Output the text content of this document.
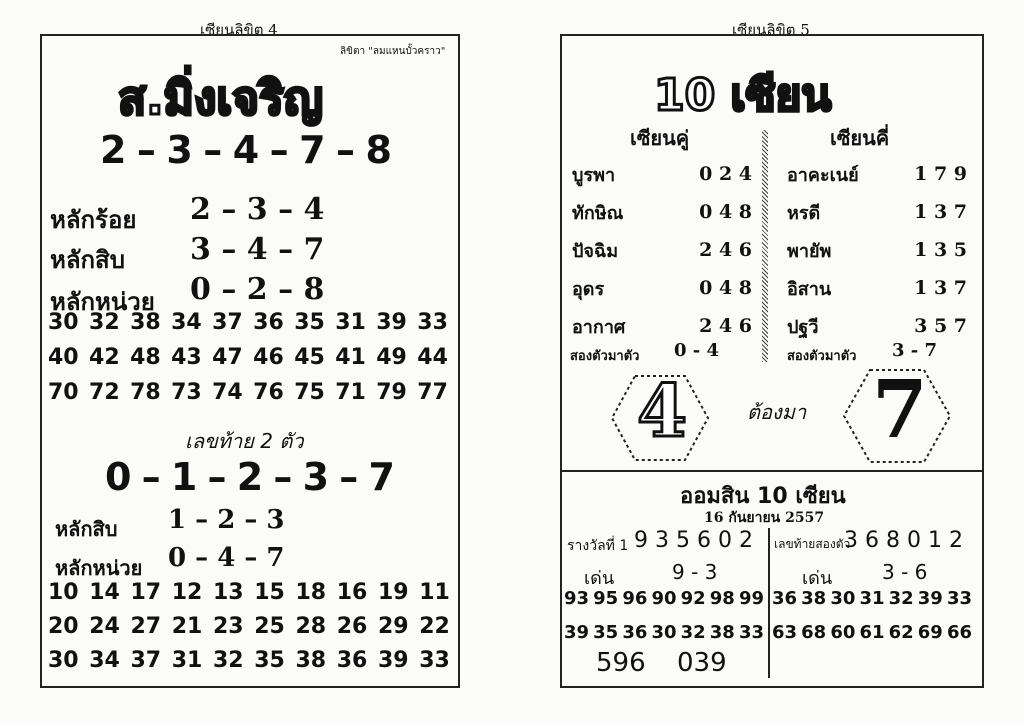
เซียนลิขิต 4
ลิขิตา "ลมแหนบั้วคราว"
ส.มิ่งเจริญ
2 – 3 – 4 – 7 – 8
หลักร้อย 2 – 3 – 4
หลักสิบ 3 – 4 – 7
หลักหน่วย 0 – 2 – 8
30 32 38 34 37 36 35 31 39 33
40 42 48 43 47 46 45 41 49 44
70 72 78 73 74 76 75 71 79 77
เลขท้าย 2 ตัว
0 – 1 – 2 – 3 – 7
หลักสิบ 1 – 2 – 3
หลักหน่วย 0 – 4 – 7
10 14 17 12 13 15 18 16 19 11
20 24 27 21 23 25 28 26 29 22
30 34 37 31 32 35 38 36 39 33
เซียนลิขิต 5
10 เซียน
เซียนคู่	เซียนคี่
บูรพา	0 2 4
ทักษิณ	0 4 8
ปัจฉิม	2 4 6
อุดร	0 4 8
อากาศ	2 4 6
อาคะเนย์	1 7 9
หรดี	1 3 7
พายัพ	1 3 5
อิสาน	1 3 7
ปฐวี	3 5 7
สองตัวมาตัว 0 - 4	สองตัวมาตัว 3 - 7
4	ต้องมา 7
ออมสิน 10 เซียน
16 กันยายน 2557
รางวัลที่ 1 9 3 5 6 0 2 เลขท้ายสองตัว
3 6 8 0 1 2
เด่น	9 - 3	เด่น 3 - 6
93 95 96 90 92 98 99
39 35 36 30 32 38 33
36 38 30 31 32 39 33
63 68 60 61 62 69 66
596 039
